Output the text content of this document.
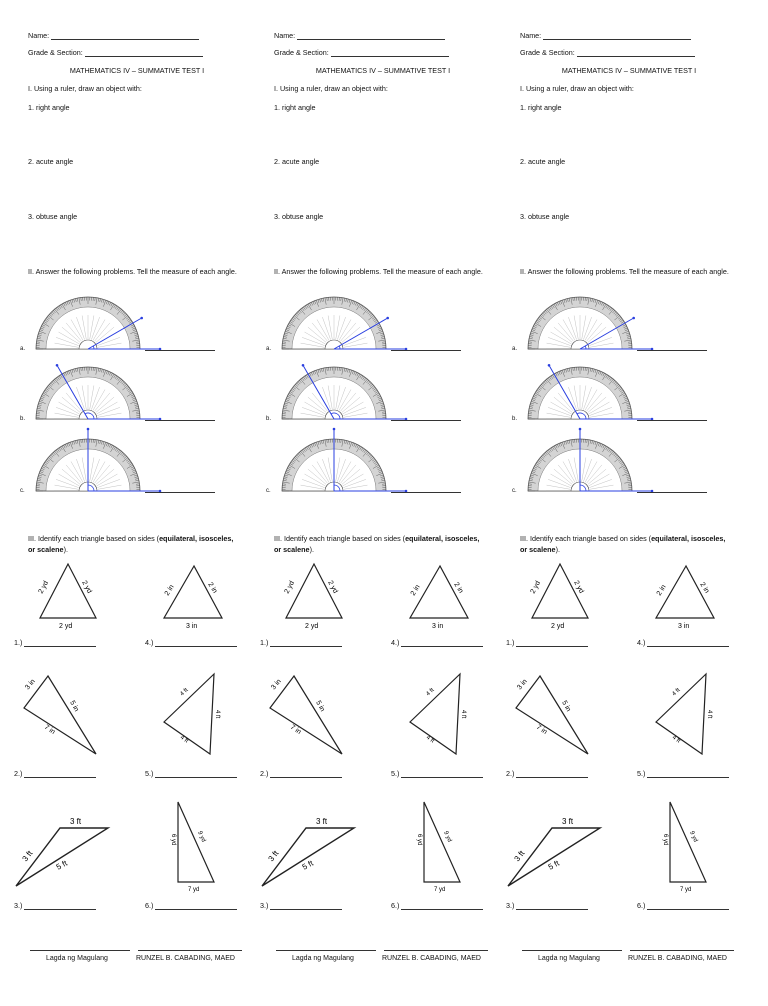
Name:
Grade & Section:
MATHEMATICS IV – SUMMATIVE TEST I
I. Using a ruler, draw an object with:
1. right angle
2. acute angle
3. obtuse angle
II. Answer the following problems. Tell the measure of each angle.
a.
b.
c.
III. Identify each triangle based on sides (equilateral, isosceles, or scalene).
2 yd	2 yd
2 yd
1.)
2 in	2 in
3 in
4.)
3 in
5 in
7 in
2.)
4 ft
4 ft
4 ft
5.)
3 ft
3 ft
5 ft
3.)
6 yd	9 yd
7 yd
6.)
Lagda ng Magulang	RUNZEL B. CABADING, MAED
Name:
Grade & Section:
MATHEMATICS IV – SUMMATIVE TEST I
I. Using a ruler, draw an object with:
1. right angle
2. acute angle
3. obtuse angle
II. Answer the following problems. Tell the measure of each angle.
a.
b.
c.
III. Identify each triangle based on sides (equilateral, isosceles, or scalene).
2 yd	2 yd
2 yd
1.)
2 in	2 in
3 in
4.)
3 in
5 in
7 in
2.)
4 ft
4 ft
4 ft
5.)
3 ft
3 ft
5 ft
3.)
6 yd	9 yd
7 yd
6.)
Lagda ng Magulang	RUNZEL B. CABADING, MAED
Name:
Grade & Section:
MATHEMATICS IV – SUMMATIVE TEST I
I. Using a ruler, draw an object with:
1. right angle
2. acute angle
3. obtuse angle
II. Answer the following problems. Tell the measure of each angle.
a.
b.
c.
III. Identify each triangle based on sides (equilateral, isosceles, or scalene).
2 yd	2 yd
2 yd
1.)
2 in	2 in
3 in
4.)
3 in
5 in
7 in
2.)
4 ft
4 ft
4 ft
5.)
3 ft
3 ft
5 ft
3.)
6 yd	9 yd
7 yd
6.)
Lagda ng Magulang	RUNZEL B. CABADING, MAED
